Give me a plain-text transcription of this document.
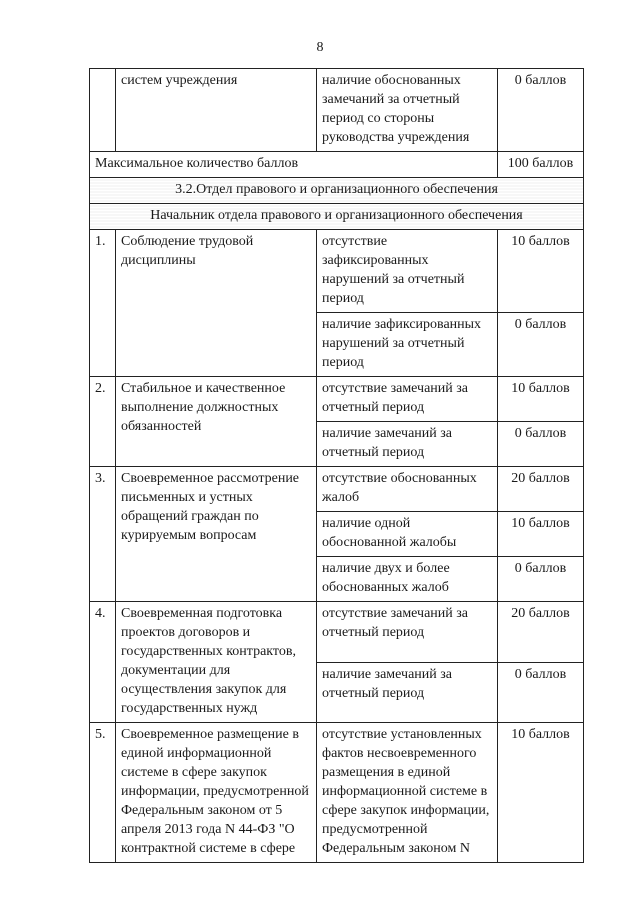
8
	систем учреждения	наличие обоснованных замечаний за отчетный период со стороны руководства учреждения	0 баллов
Максимальное количество баллов			100 баллов
3.2.Отдел правового и организационного обеспечения			
Начальник отдела правового и организационного обеспечения			
1.	Соблюдение трудовой дисциплины	отсутствие зафиксированных нарушений за отчетный период	10 баллов
		наличие зафиксированных нарушений за отчетный период	0 баллов
2.	Стабильное и качественное выполнение должностных обязанностей	отсутствие замечаний за отчетный период	10 баллов
		наличие замечаний за отчетный период	0 баллов
3.	Своевременное рассмотрение письменных и устных обращений граждан по курируемым вопросам	отсутствие обоснованных жалоб	20 баллов
		наличие одной обоснованной жалобы	10 баллов
		наличие двух и более обоснованных жалоб	0 баллов
4.	Своевременная подготовка проектов договоров и государственных контрактов, документации для осуществления закупок для государственных нужд	отсутствие замечаний за отчетный период	20 баллов
		наличие замечаний за отчетный период	0 баллов
5.	Своевременное размещение в единой информационной системе в сфере закупок информации, предусмотренной Федеральным законом от 5 апреля 2013 года N 44-ФЗ "О контрактной системе в сфере	отсутствие установленных фактов несвоевременного размещения в единой информационной системе в сфере закупок информации, предусмотренной Федеральным законом N	10 баллов
